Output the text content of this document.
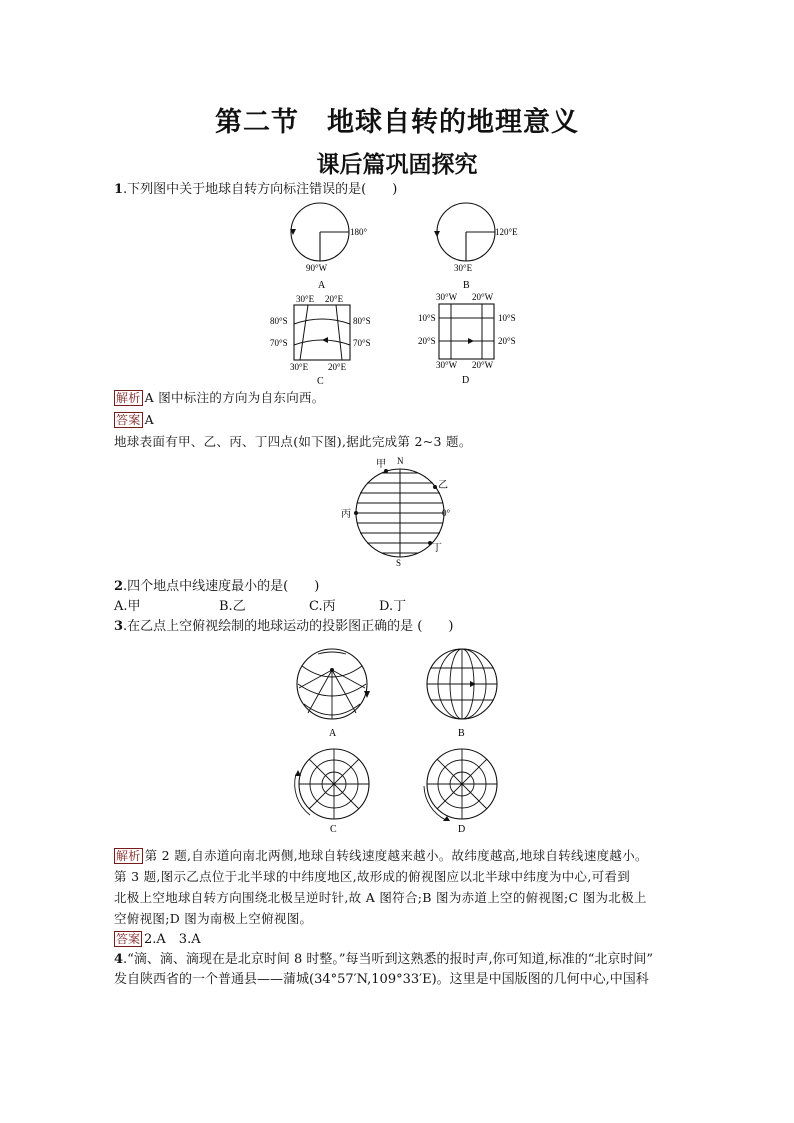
第二节　地球自转的地理意义
课后篇巩固探究
1.下列图中关于地球自转方向标注错误的是(　　)
180°
90°W
A
120°E
30°E
B
30°E 20°E
80°S
70°S
80°S
70°S
30°E 20°E
C
30°W 20°W
10°S
20°S
10°S
20°S
30°W 20°W
D
解析 A 图中标注的方向为自东向西。
答案 A
地球表面有甲、乙、丙、丁四点(如下图),据此完成第 2~3 题。
甲 N
乙
丙	0°
丁
S
2.四个地点中线速度最小的是(　　)
A.甲	B.乙	C.丙	D.丁
3.在乙点上空俯视绘制的地球运动的投影图正确的是 (　　)
A	B
C	D
解析 第 2 题,自赤道向南北两侧,地球自转线速度越来越小。故纬度越高,地球自转线速度越小。
第 3 题,图示乙点位于北半球的中纬度地区,故形成的俯视图应以北半球中纬度为中心,可看到
北极上空地球自转方向围绕北极呈逆时针,故 A 图符合;B 图为赤道上空的俯视图;C 图为北极上
空俯视图;D 图为南极上空俯视图。
答案 2.A　3.A
4.“滴、滴、滴现在是北京时间 8 时整。”每当听到这熟悉的报时声,你可知道,标准的“北京时间”
发自陕西省的一个普通县——蒲城(34°57′N,109°33′E)。这里是中国版图的几何中心,中国科
